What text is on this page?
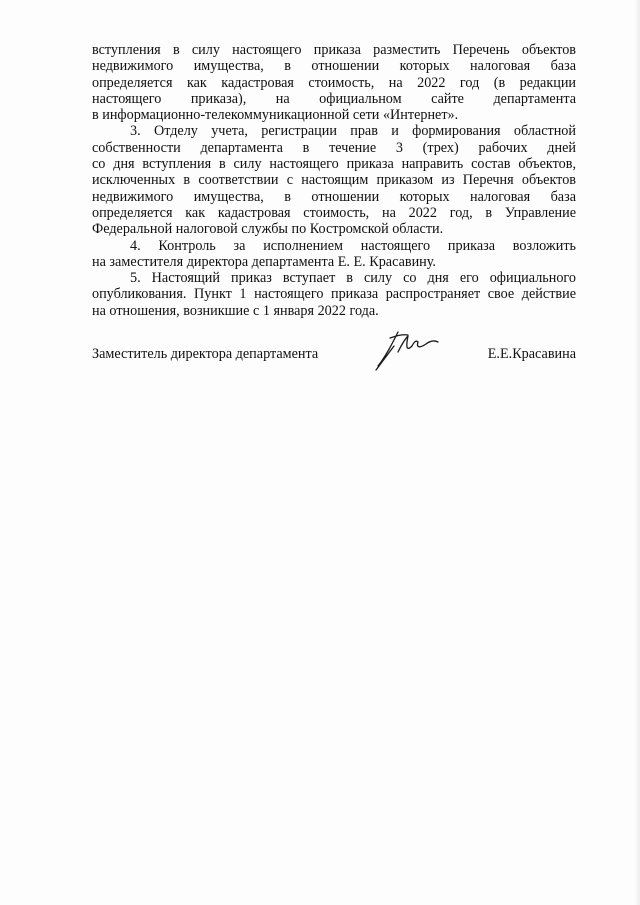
вступления в силу настоящего приказа разместить Перечень объектов
недвижимого имущества, в отношении которых налоговая база
определяется как кадастровая стоимость, на 2022 год (в редакции
настоящего приказа), на официальном сайте департамента
в информационно-телекоммуникационной сети «Интернет».

3. Отделу учета, регистрации прав и формирования областной
собственности департамента в течение 3 (трех) рабочих дней
со дня вступления в силу настоящего приказа направить состав объектов,
исключенных в соответствии с настоящим приказом из Перечня объектов
недвижимого имущества, в отношении которых налоговая база
определяется как кадастровая стоимость, на 2022 год, в Управление
Федеральной налоговой службы по Костромской области.

4. Контроль за исполнением настоящего приказа возложить
на заместителя директора департамента Е. Е. Красавину.

5. Настоящий приказ вступает в силу со дня его официального
опубликования. Пункт 1 настоящего приказа распространяет свое действие
на отношения, возникшие с 1 января 2022 года.

Заместитель директора департамента	Е.Е.Красавина
